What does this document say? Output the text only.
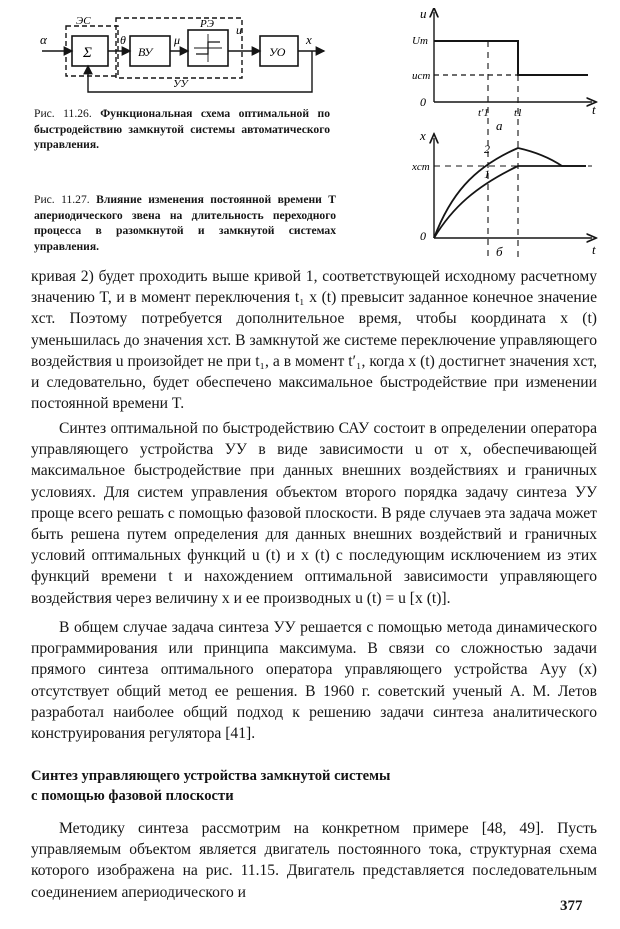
α
ЭС
Σ
θ
ВУ
μ
РЭ u
УО
x
УУ
Рис. 11.26. Функциональная схема оптимальной по быстродействию замкнутой системы автоматического управления.
Рис. 11.27. Влияние изменения постоянной времени T апериодического звена на длительность переходного процесса в разомкнутой и замкнутой системах управления.
u
Um
uст
0
t'1 t1	t
a
x
xст
0
2
1
t
б

кривая 2) будет проходить выше кривой 1, соответствующей исходному расчетному значению T, и в момент переключения t₁ x (t) превысит заданное конечное значение xст. Поэтому потребуется дополнительное время, чтобы координата x (t) уменьшилась до значения xст. В замкнутой же системе переключение управляющего воздействия u произойдет не при t₁, а в момент t′₁, когда x (t) достигнет значения xст, и следовательно, будет обеспечено максимальное быстродействие при изменении постоянной времени T.

Синтез оптимальной по быстродействию САУ состоит в определении оператора управляющего устройства УУ в виде зависимости u от x, обеспечивающей максимальное быстродействие при данных внешних воздействиях и граничных условиях. Для систем управления объектом второго порядка задачу синтеза УУ проще всего решать с помощью фазовой плоскости. В ряде случаев эта задача может быть решена путем определения для данных внешних воздействий и граничных условий оптимальных функций u (t) и x (t) с последующим исключением из этих функций времени t и нахождением оптимальной зависимости управляющего воздействия через величину x и ее производных u (t) = u [x (t)].

В общем случае задача синтеза УУ решается с помощью метода динамического программирования или принципа максимума. В связи со сложностью задачи прямого синтеза оптимального оператора управляющего устройства Aуу (x) отсутствует общий метод ее решения. В 1960 г. советский ученый А. М. Летов разработал наиболее общий подход к решению задачи синтеза аналитического конструирования регулятора [41].

Синтез управляющего устройства замкнутой системы
с помощью фазовой плоскости

Методику синтеза рассмотрим на конкретном примере [48, 49]. Пусть управляемым объектом является двигатель постоянного тока, структурная схема которого изображена на рис. 11.15. Двигатель представляется последовательным соединением апериодического и

377
